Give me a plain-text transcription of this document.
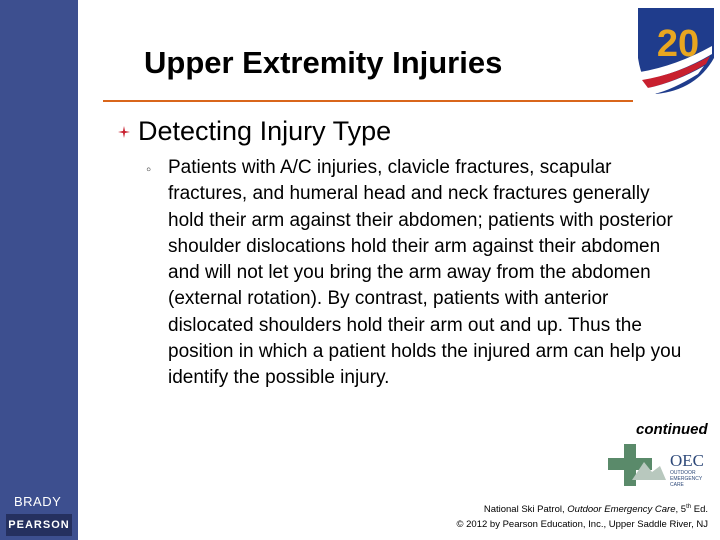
BRADY
PEARSON
Upper Extremity Injuries	20
Detecting Injury Type
◦ Patients with A/C injuries, clavicle fractures, scapular fractures, and humeral head and neck fractures generally hold their arm against their abdomen; patients with posterior shoulder dislocations hold their arm against their abdomen and will not let you bring the arm away from the abdomen (external rotation). By contrast, patients with anterior dislocated shoulders hold their arm out and up. Thus the position in which a patient holds the injured arm can help you identify the possible injury.
continued
OEC
OUTDOOR
EMERGENCY
CARE
National Ski Patrol, Outdoor Emergency Care, 5th Ed.
© 2012 by Pearson Education, Inc., Upper Saddle River, NJ
